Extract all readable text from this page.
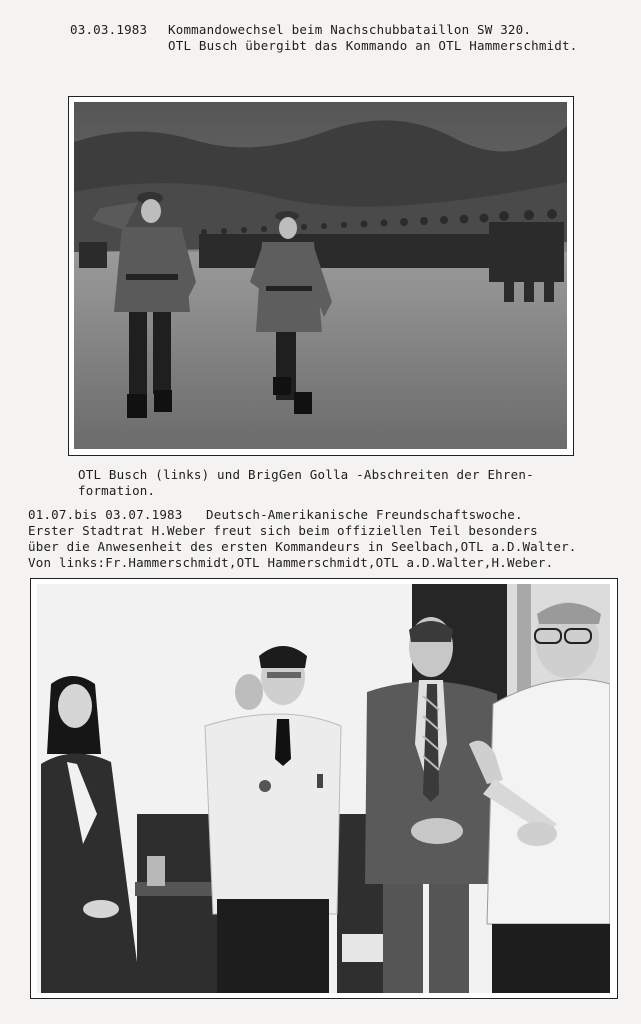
03.03.1983 Kommandowechsel beim Nachschubbataillon SW 320.
OTL Busch übergibt das Kommando an OTL Hammerschmidt.
OTL Busch (links) und BrigGen Golla -Abschreiten der Ehren-
formation.
01.07.bis 03.07.1983 Deutsch-Amerikanische Freundschaftswoche.
Erster Stadtrat H.Weber freut sich beim offiziellen Teil besonders
über die Anwesenheit des ersten Kommandeurs in Seelbach,OTL a.D.Walter.
Von links:Fr.Hammerschmidt,OTL Hammerschmidt,OTL a.D.Walter,H.Weber.
